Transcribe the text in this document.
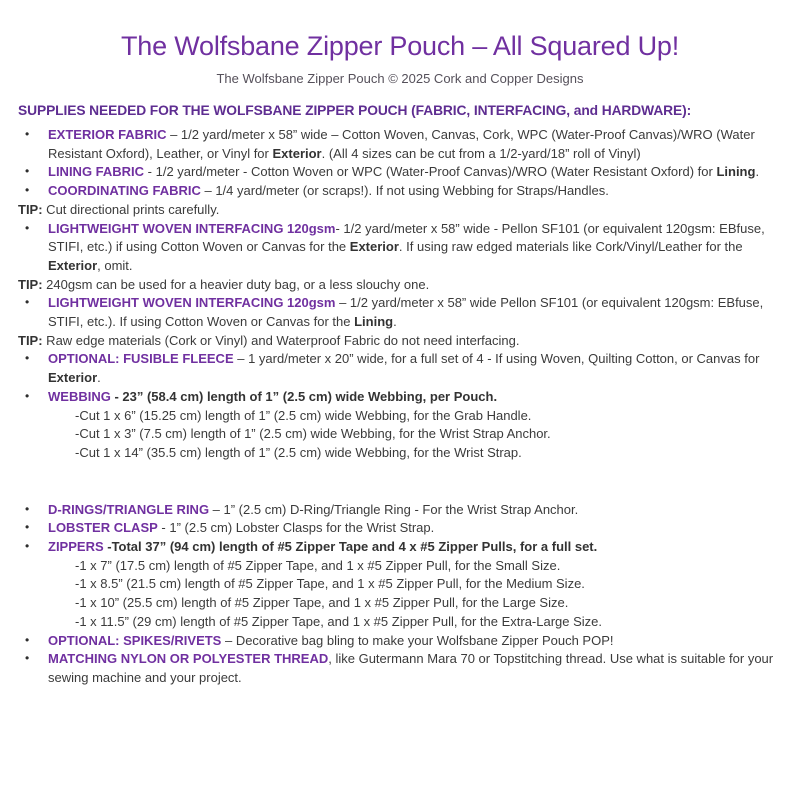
The Wolfsbane Zipper Pouch – All Squared Up!
The Wolfsbane Zipper Pouch © 2025 Cork and Copper Designs
SUPPLIES NEEDED FOR THE WOLFSBANE ZIPPER POUCH (FABRIC, INTERFACING, and HARDWARE):
• EXTERIOR FABRIC – 1/2 yard/meter x 58” wide – Cotton Woven, Canvas, Cork, WPC (Water-Proof Canvas)/WRO (Water Resistant Oxford), Leather, or Vinyl for Exterior. (All 4 sizes can be cut from a 1/2-yard/18” roll of Vinyl)
• LINING FABRIC - 1/2 yard/meter - Cotton Woven or WPC (Water-Proof Canvas)/WRO (Water Resistant Oxford) for Lining.
• COORDINATING FABRIC – 1/4 yard/meter (or scraps!). If not using Webbing for Straps/Handles.
TIP: Cut directional prints carefully.
• LIGHTWEIGHT WOVEN INTERFACING 120gsm- 1/2 yard/meter x 58” wide - Pellon SF101 (or equivalent 120gsm: EBfuse, STIFI, etc.) if using Cotton Woven or Canvas for the Exterior. If using raw edged materials like Cork/Vinyl/Leather for the Exterior, omit.
TIP: 240gsm can be used for a heavier duty bag, or a less slouchy one.
• LIGHTWEIGHT WOVEN INTERFACING 120gsm – 1/2 yard/meter x 58” wide Pellon SF101 (or equivalent 120gsm: EBfuse, STIFI, etc.). If using Cotton Woven or Canvas for the Lining.
TIP: Raw edge materials (Cork or Vinyl) and Waterproof Fabric do not need interfacing.
• OPTIONAL: FUSIBLE FLEECE – 1 yard/meter x 20” wide, for a full set of 4 - If using Woven, Quilting Cotton, or Canvas for Exterior.
• WEBBING - 23” (58.4 cm) length of 1” (2.5 cm) wide Webbing, per Pouch.
-Cut 1 x 6” (15.25 cm) length of 1” (2.5 cm) wide Webbing, for the Grab Handle.
-Cut 1 x 3” (7.5 cm) length of 1” (2.5 cm) wide Webbing, for the Wrist Strap Anchor.
-Cut 1 x 14” (35.5 cm) length of 1” (2.5 cm) wide Webbing, for the Wrist Strap.
• D-RINGS/TRIANGLE RING – 1” (2.5 cm) D-Ring/Triangle Ring - For the Wrist Strap Anchor.
• LOBSTER CLASP - 1” (2.5 cm) Lobster Clasps for the Wrist Strap.
• ZIPPERS -Total 37” (94 cm) length of #5 Zipper Tape and 4 x #5 Zipper Pulls, for a full set.
-1 x 7” (17.5 cm) length of #5 Zipper Tape, and 1 x #5 Zipper Pull, for the Small Size.
-1 x 8.5” (21.5 cm) length of #5 Zipper Tape, and 1 x #5 Zipper Pull, for the Medium Size.
-1 x 10” (25.5 cm) length of #5 Zipper Tape, and 1 x #5 Zipper Pull, for the Large Size.
-1 x 11.5” (29 cm) length of #5 Zipper Tape, and 1 x #5 Zipper Pull, for the Extra-Large Size.
• OPTIONAL: SPIKES/RIVETS – Decorative bag bling to make your Wolfsbane Zipper Pouch POP!
• MATCHING NYLON OR POLYESTER THREAD, like Gutermann Mara 70 or Topstitching thread. Use what is suitable for your sewing machine and your project.
